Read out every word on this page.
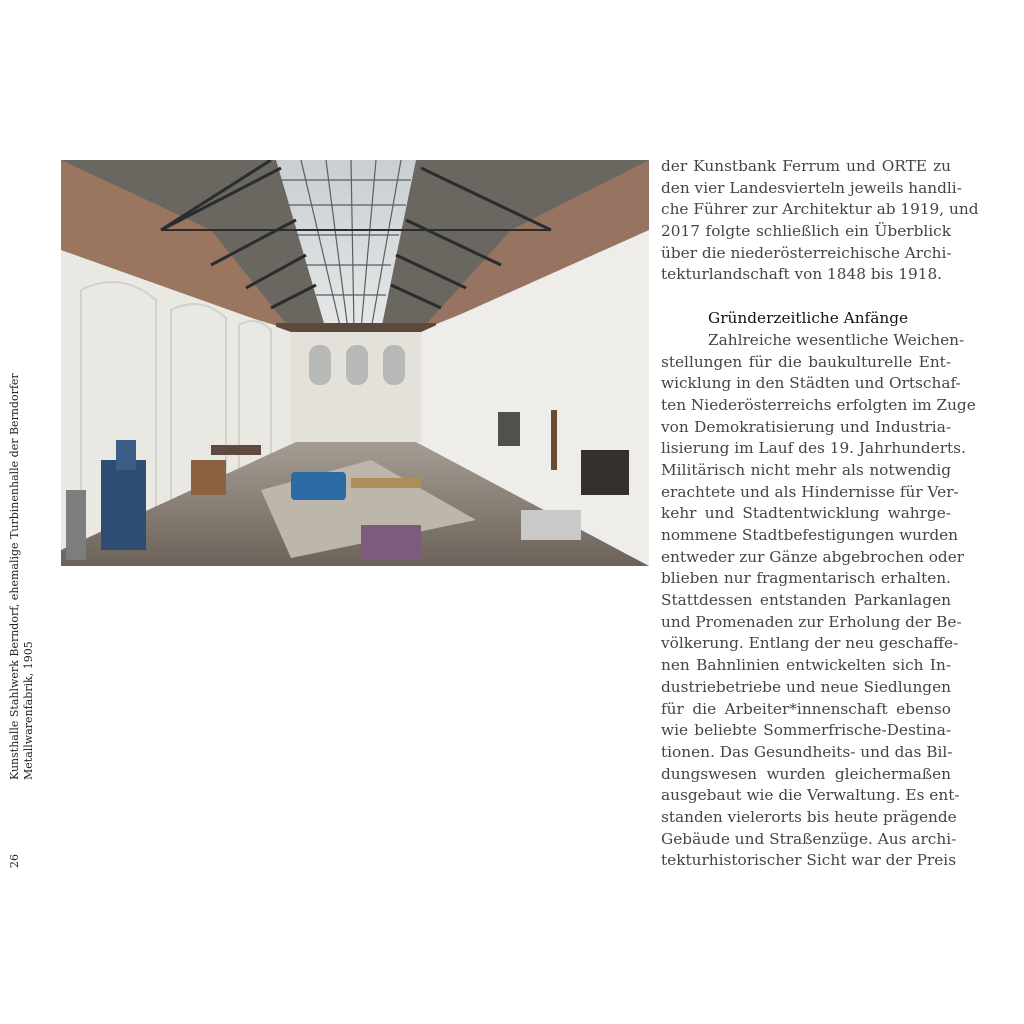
26
Kunsthalle Stahlwerk Berndorf, ehemalige Turbinenhalle der Berndorfer Metallwarenfabrik, 1905

der Kunstbank Ferrum und ORTE zu
den vier Landesvierteln jeweils handli-
che Führer zur Architektur ab 1919, und
2017 folgte schließlich ein Überblick
über die niederösterreichische Archi-
tekturlandschaft von 1848 bis 1918.

Gründerzeitliche Anfänge

Zahlreiche wesentliche Weichen-
stellungen für die baukulturelle Ent-
wicklung in den Städten und Ortschaf-
ten Niederösterreichs erfolgten im Zuge
von Demokratisierung und Industria-
lisierung im Lauf des 19. Jahrhunderts.
Militärisch nicht mehr als notwendig
erachtete und als Hindernisse für Ver-
kehr und Stadtentwicklung wahrge-
nommene Stadtbefestigungen wurden
entweder zur Gänze abgebrochen oder
blieben nur fragmentarisch erhalten.
Stattdessen entstanden Parkanlagen
und Promenaden zur Erholung der Be-
völkerung. Entlang der neu geschaffe-
nen Bahnlinien entwickelten sich In-
dustriebetriebe und neue Siedlungen
für die Arbeiter*innenschaft ebenso
wie beliebte Sommerfrische-Destina-
tionen. Das Gesundheits- und das Bil-
dungswesen wurden gleichermaßen
ausgebaut wie die Verwaltung. Es ent-
standen vielerorts bis heute prägende
Gebäude und Straßenzüge. Aus archi-
tekturhistorischer Sicht war der Preis
